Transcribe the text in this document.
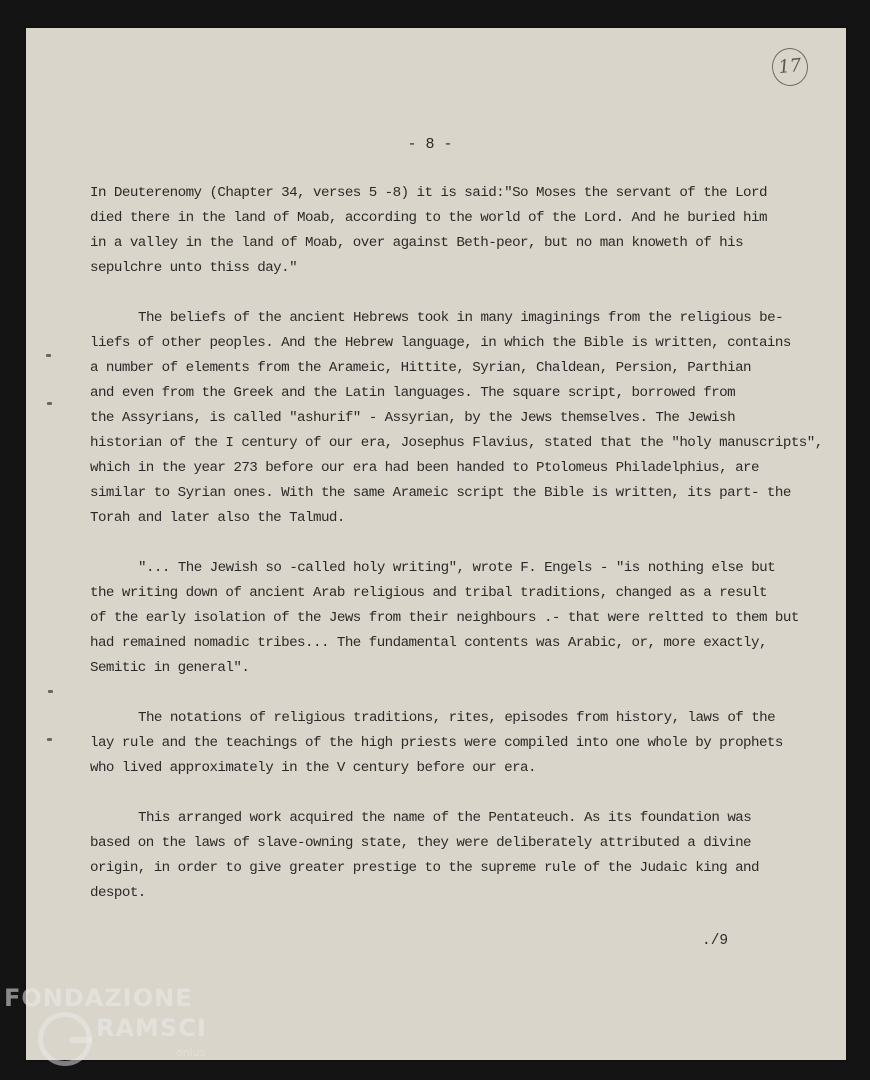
17
- 8 -
In Deuterenomy (Chapter 34, verses 5 -8) it is said:"So Moses the servant of the Lord
died there in the land of Moab, according to the world of the Lord. And he buried him
in a valley in the land of Moab, over against Beth-peor, but no man knoweth of his
sepulchre unto thiss day."
The beliefs of the ancient Hebrews took in many imaginings from the religious be-
liefs of other peoples. And the Hebrew language, in which the Bible is written, contains
a number of elements from the Arameic, Hittite, Syrian, Chaldean, Persion, Parthian
and even from the Greek and the Latin languages. The square script, borrowed from
the Assyrians, is called "ashurif" - Assyrian, by the Jews themselves. The Jewish
historian of the I century of our era, Josephus Flavius, stated that the "holy manuscripts",
which in the year 273 before our era had been handed to Ptolomeus Philadelphius, are
similar to Syrian ones. With the same Arameic script the Bible is written, its part- the
Torah and later also the Talmud.
"... The Jewish so -called holy writing", wrote F. Engels - "is nothing else but
the writing down of ancient Arab religious and tribal traditions, changed as a result
of the early isolation of the Jews from their neighbours .- that were reltted to them but
had remained nomadic tribes... The fundamental contents was Arabic, or, more exactly,
Semitic in general".
The notations of religious traditions, rites, episodes from history, laws of the
lay rule and the teachings of the high priests were compiled into one whole by prophets
who lived approximately in the V century before our era.
This arranged work acquired the name of the Pentateuch. As its foundation was
based on the laws of slave-owning state, they were deliberately attributed a divine
origin, in order to give greater prestige to the supreme rule of the Judaic king and
despot.
./9
FONDAZIONE
RAMSCI
onlus
